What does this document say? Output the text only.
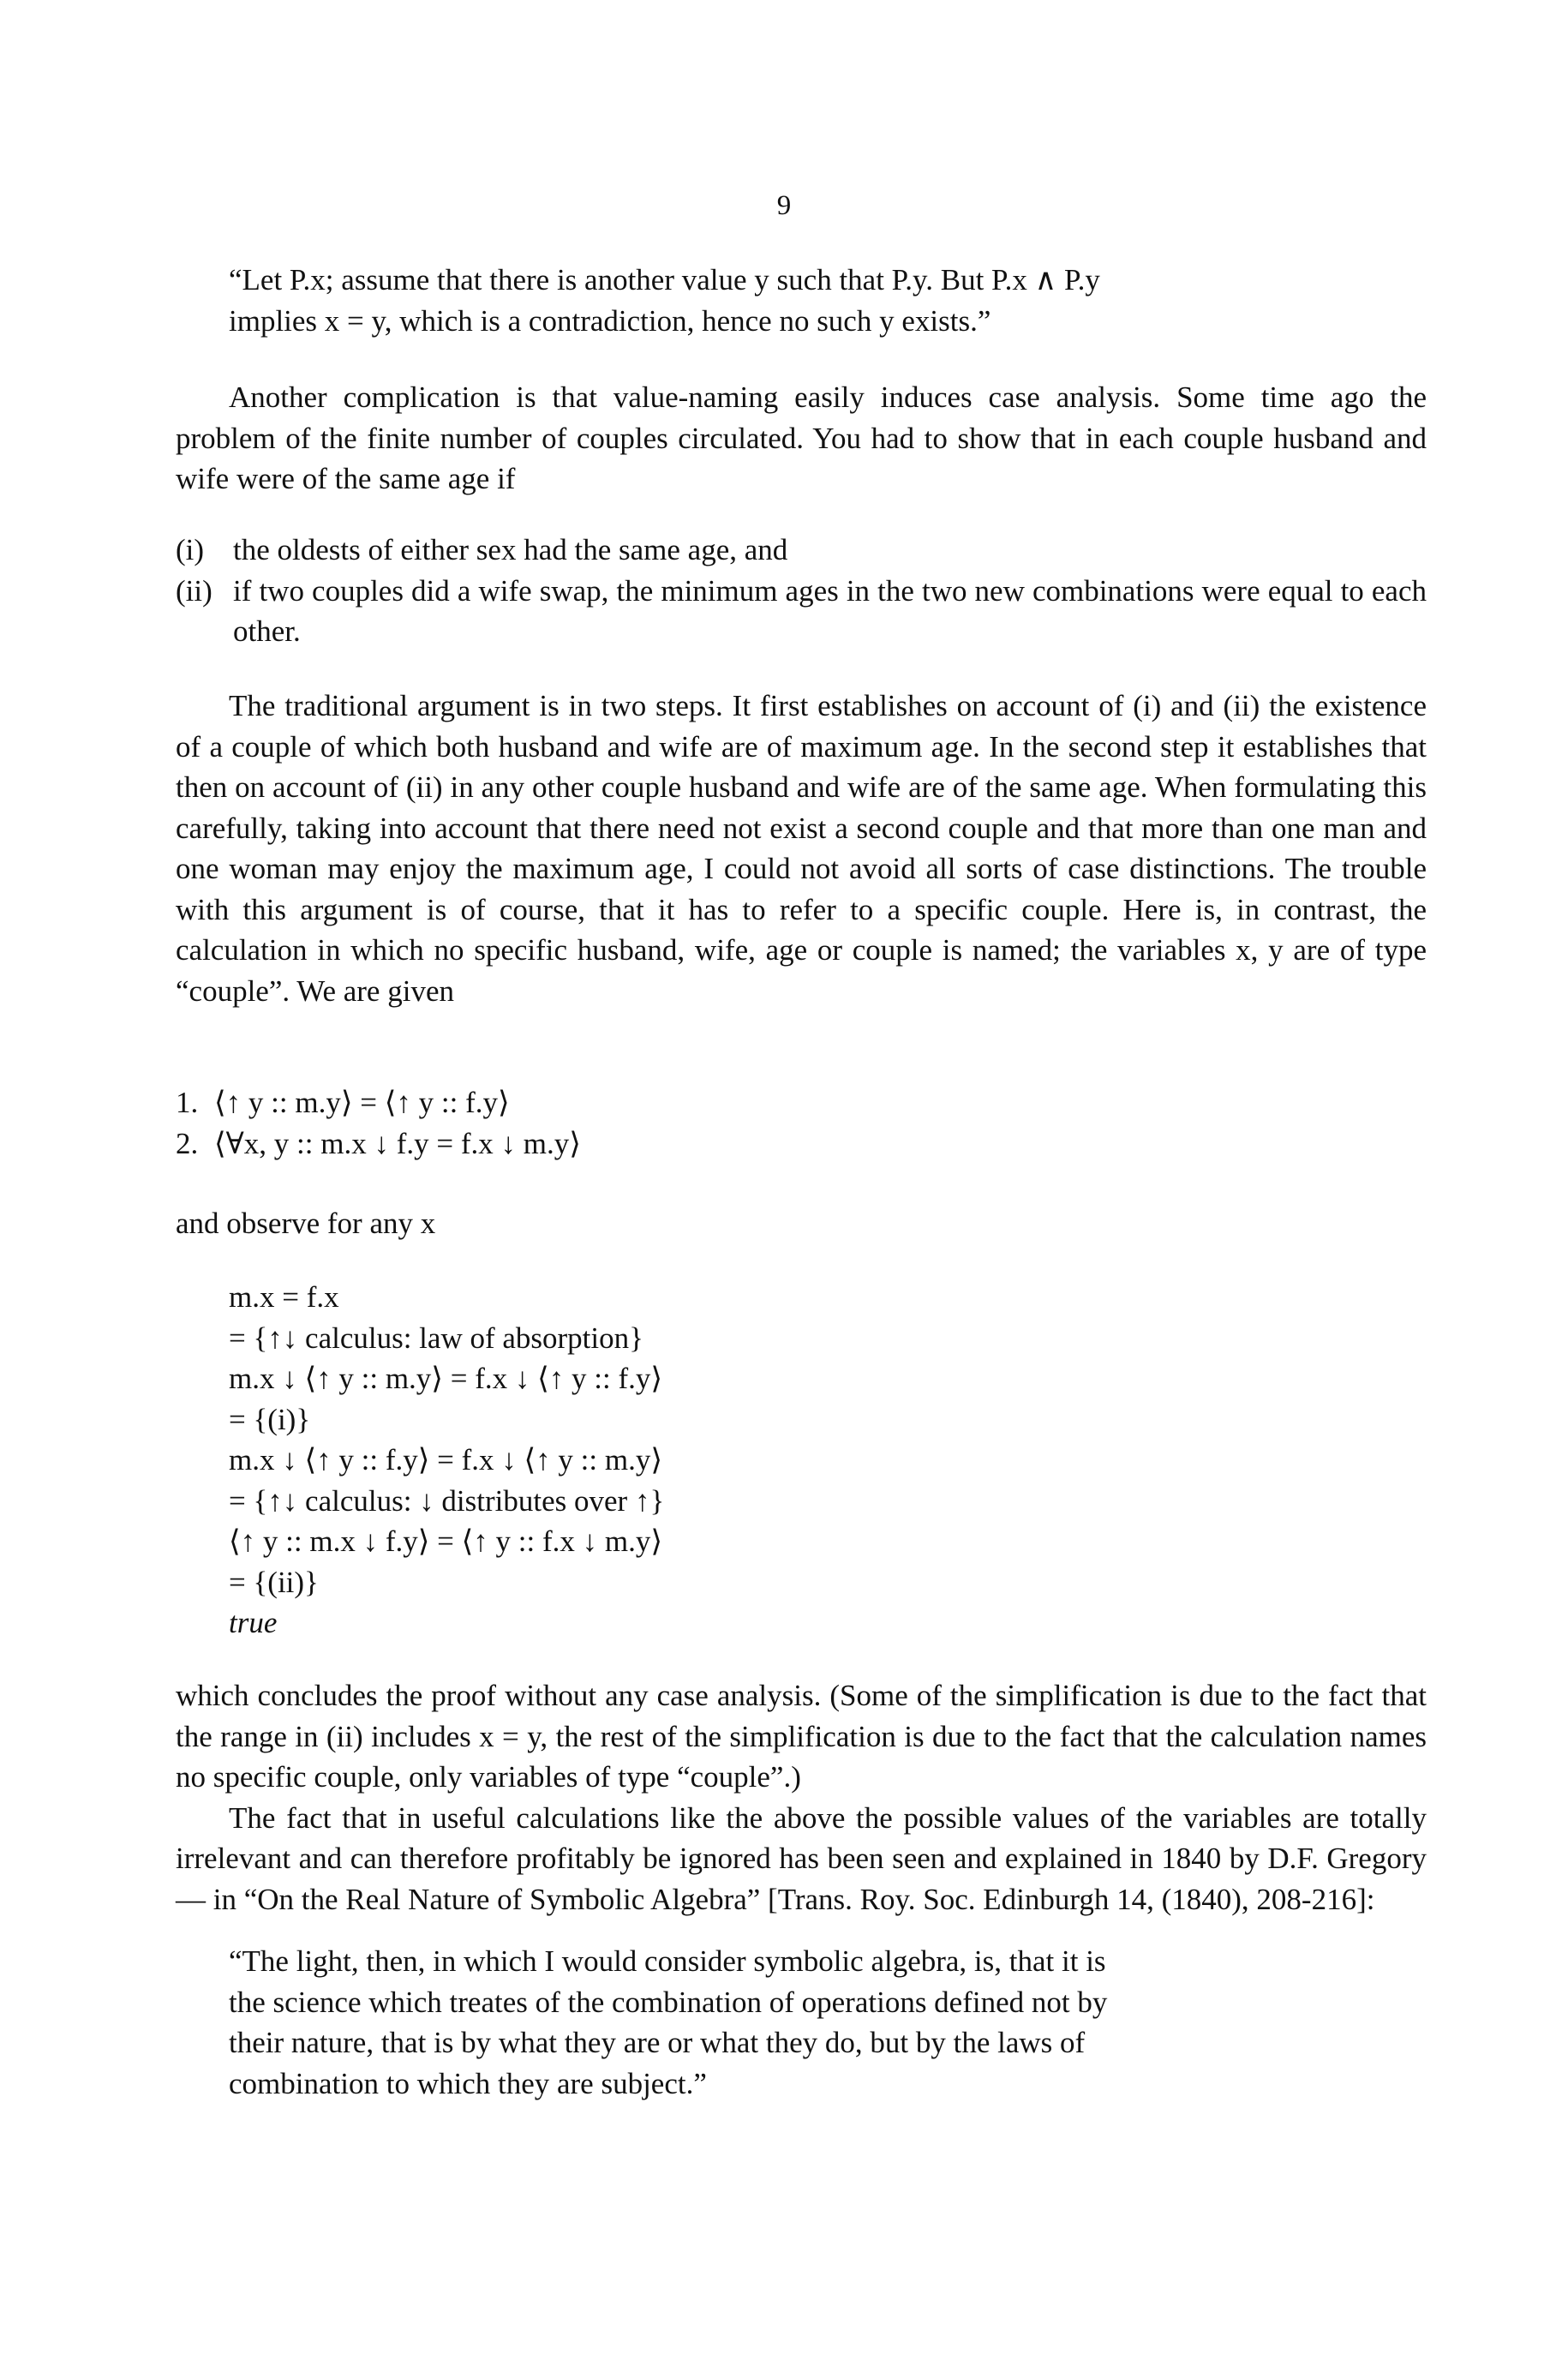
9
“Let P.x; assume that there is another value y such that P.y. But P.x ∧ P.y
implies x = y, which is a contradiction, hence no such y exists.”

Another complication is that value-naming easily induces case analysis. Some time ago the problem of the finite number of couples circulated. You had to show that in each couple husband and wife were of the same age if

(i) the oldests of either sex had the same age, and
(ii) if two couples did a wife swap, the minimum ages in the two new combinations were equal to each other.

The traditional argument is in two steps. It first establishes on account of (i) and (ii) the existence of a couple of which both husband and wife are of maximum age. In the second step it establishes that then on account of (ii) in any other couple husband and wife are of the same age. When formulating this carefully, taking into account that there need not exist a second couple and that more than one man and one woman may enjoy the maximum age, I could not avoid all sorts of case distinctions. The trouble with this argument is of course, that it has to refer to a specific couple. Here is, in contrast, the calculation in which no specific husband, wife, age or couple is named; the variables x, y are of type “couple”. We are given

1. ⟨↑ y :: m.y⟩ = ⟨↑ y :: f.y⟩
2. ⟨∀x, y :: m.x ↓ f.y = f.x ↓ m.y⟩

and observe for any x

m.x = f.x
= {↑↓ calculus: law of absorption}
m.x ↓ ⟨↑ y :: m.y⟩ = f.x ↓ ⟨↑ y :: f.y⟩
= {(i)}
m.x ↓ ⟨↑ y :: f.y⟩ = f.x ↓ ⟨↑ y :: m.y⟩
= {↑↓ calculus: ↓ distributes over ↑}
⟨↑ y :: m.x ↓ f.y⟩ = ⟨↑ y :: f.x ↓ m.y⟩
= {(ii)}
true

which concludes the proof without any case analysis. (Some of the simplification is due to the fact that the range in (ii) includes x = y, the rest of the simplification is due to the fact that the calculation names no specific couple, only variables of type “couple”.)

The fact that in useful calculations like the above the possible values of the variables are totally irrelevant and can therefore profitably be ignored has been seen and explained in 1840 by D.F. Gregory — in “On the Real Nature of Symbolic Algebra” [Trans. Roy. Soc. Edinburgh 14, (1840), 208-216]:

“The light, then, in which I would consider symbolic algebra, is, that it is
the science which treates of the combination of operations defined not by
their nature, that is by what they are or what they do, but by the laws of
combination to which they are subject.”
